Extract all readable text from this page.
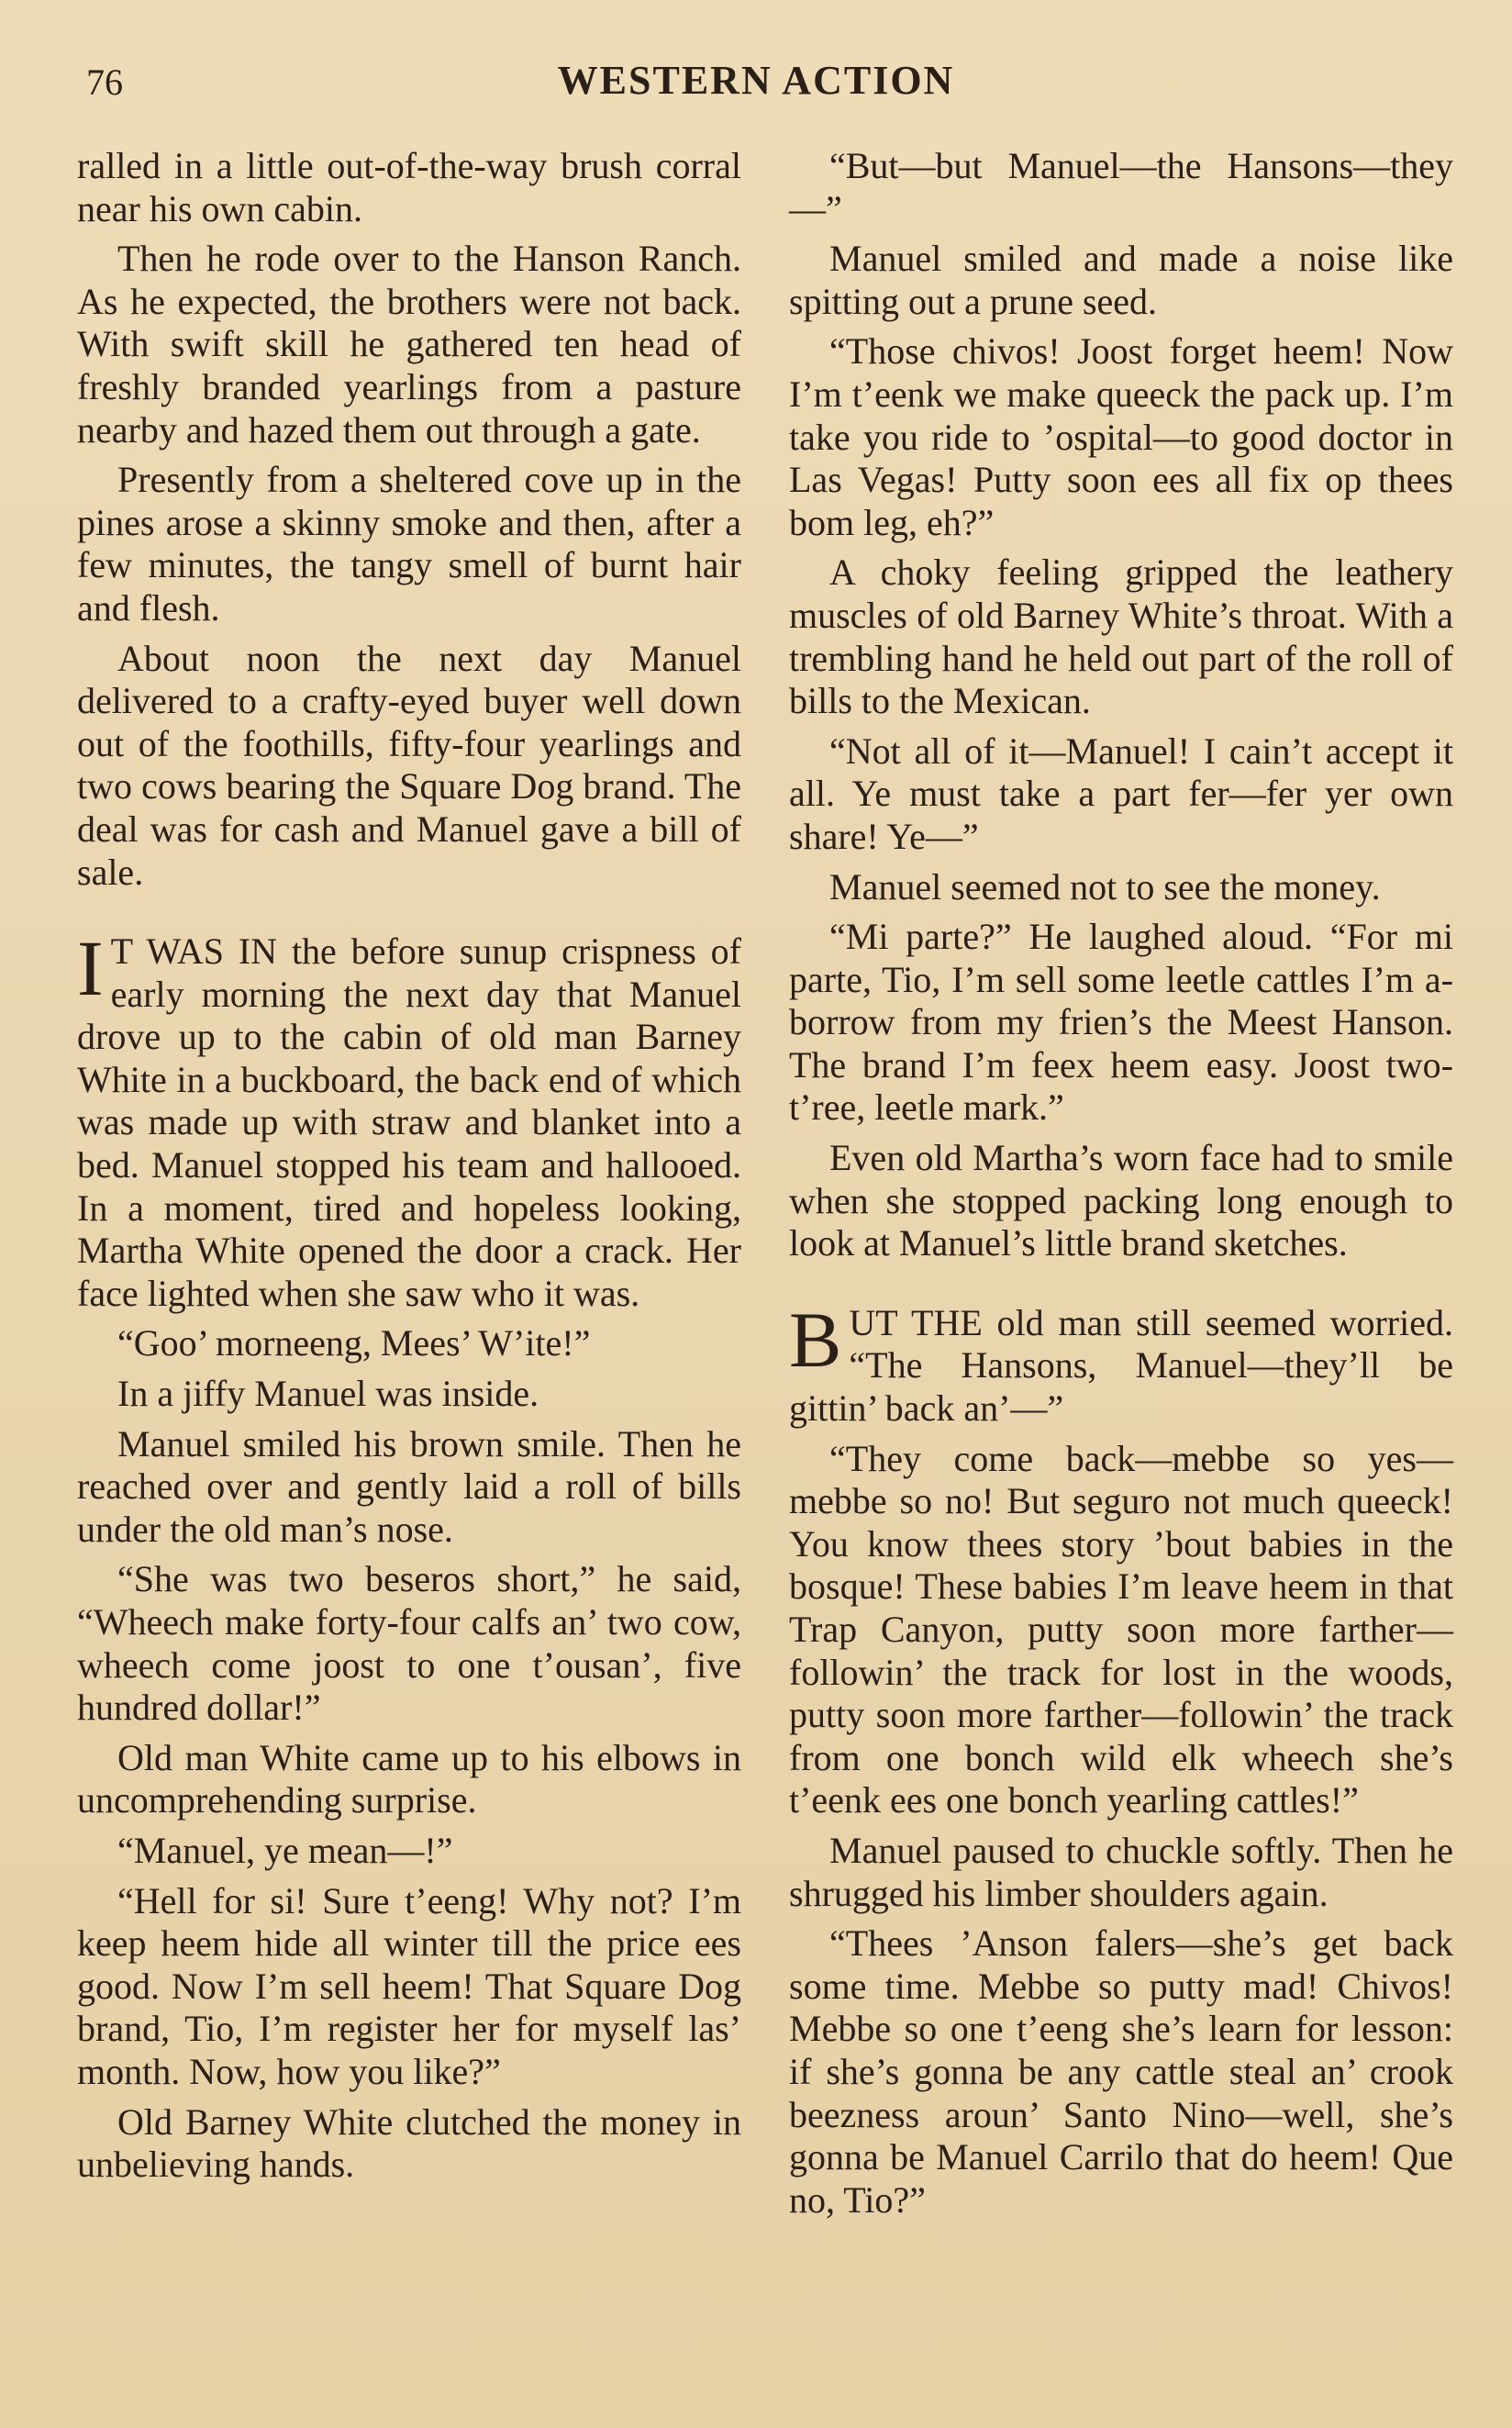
76	WESTERN ACTION

ralled in a little out-of-the-way brush corral near his own cabin.

Then he rode over to the Hanson Ranch. As he expected, the brothers were not back. With swift skill he gathered ten head of freshly branded yearlings from a pasture nearby and hazed them out through a gate.

Presently from a sheltered cove up in the pines arose a skinny smoke and then, after a few minutes, the tangy smell of burnt hair and flesh.

About noon the next day Manuel delivered to a crafty-eyed buyer well down out of the foothills, fifty-four yearlings and two cows bearing the Square Dog brand. The deal was for cash and Manuel gave a bill of sale.

I T WAS IN the before sunup crispness of early morning the next day that Manuel drove up to the cabin of old man Barney White in a buckboard, the back end of which was made up with straw and blanket into a bed. Manuel stopped his team and hallooed. In a moment, tired and hopeless looking, Martha White opened the door a crack. Her face lighted when she saw who it was.

“Goo’ morneeng, Mees’ W’ite!”

In a jiffy Manuel was inside.

Manuel smiled his brown smile. Then he reached over and gently laid a roll of bills under the old man’s nose.

“She was two beseros short,” he said, “Wheech make forty-four calfs an’ two cow, wheech come joost to one t’ousan’, five hundred dollar!”

Old man White came up to his elbows in uncomprehending surprise.

“Manuel, ye mean—!”

“Hell for si! Sure t’eeng! Why not? I’m keep heem hide all winter till the price ees good. Now I’m sell heem! That Square Dog brand, Tio, I’m register her for myself las’ month. Now, how you like?”

Old Barney White clutched the money in unbelieving hands.

“But—but Manuel—the Hansons—they—”

Manuel smiled and made a noise like spitting out a prune seed.

“Those chivos! Joost forget heem! Now I’m t’eenk we make queeck the pack up. I’m take you ride to ’ospital—to good doctor in Las Vegas! Putty soon ees all fix op thees bom leg, eh?”

A choky feeling gripped the leathery muscles of old Barney White’s throat. With a trembling hand he held out part of the roll of bills to the Mexican.

“Not all of it—Manuel! I cain’t accept it all. Ye must take a part fer—fer yer own share! Ye—”

Manuel seemed not to see the money.

“Mi parte?” He laughed aloud. “For mi parte, Tio, I’m sell some leetle cattles I’m a-borrow from my frien’s the Meest Hanson. The brand I’m feex heem easy. Joost two-t’ree, leetle mark.”

Even old Martha’s worn face had to smile when she stopped packing long enough to look at Manuel’s little brand sketches.

BUT THE old man still seemed worried. “The Hansons, Manuel—they’ll be gittin’ back an’—”

“They come back—mebbe so yes—mebbe so no! But seguro not much queeck! You know thees story ’bout babies in the bosque! These babies I’m leave heem in that Trap Canyon, putty soon more farther—followin’ the track for lost in the woods, putty soon more farther—followin’ the track from one bonch wild elk wheech she’s t’eenk ees one bonch yearling cattles!”

Manuel paused to chuckle softly. Then he shrugged his limber shoulders again.

“Thees ’Anson falers—she’s get back some time. Mebbe so putty mad! Chivos! Mebbe so one t’eeng she’s learn for lesson: if she’s gonna be any cattle steal an’ crook beezness aroun’ Santo Nino—well, she’s gonna be Manuel Carrilo that do heem! Que no, Tio?”
